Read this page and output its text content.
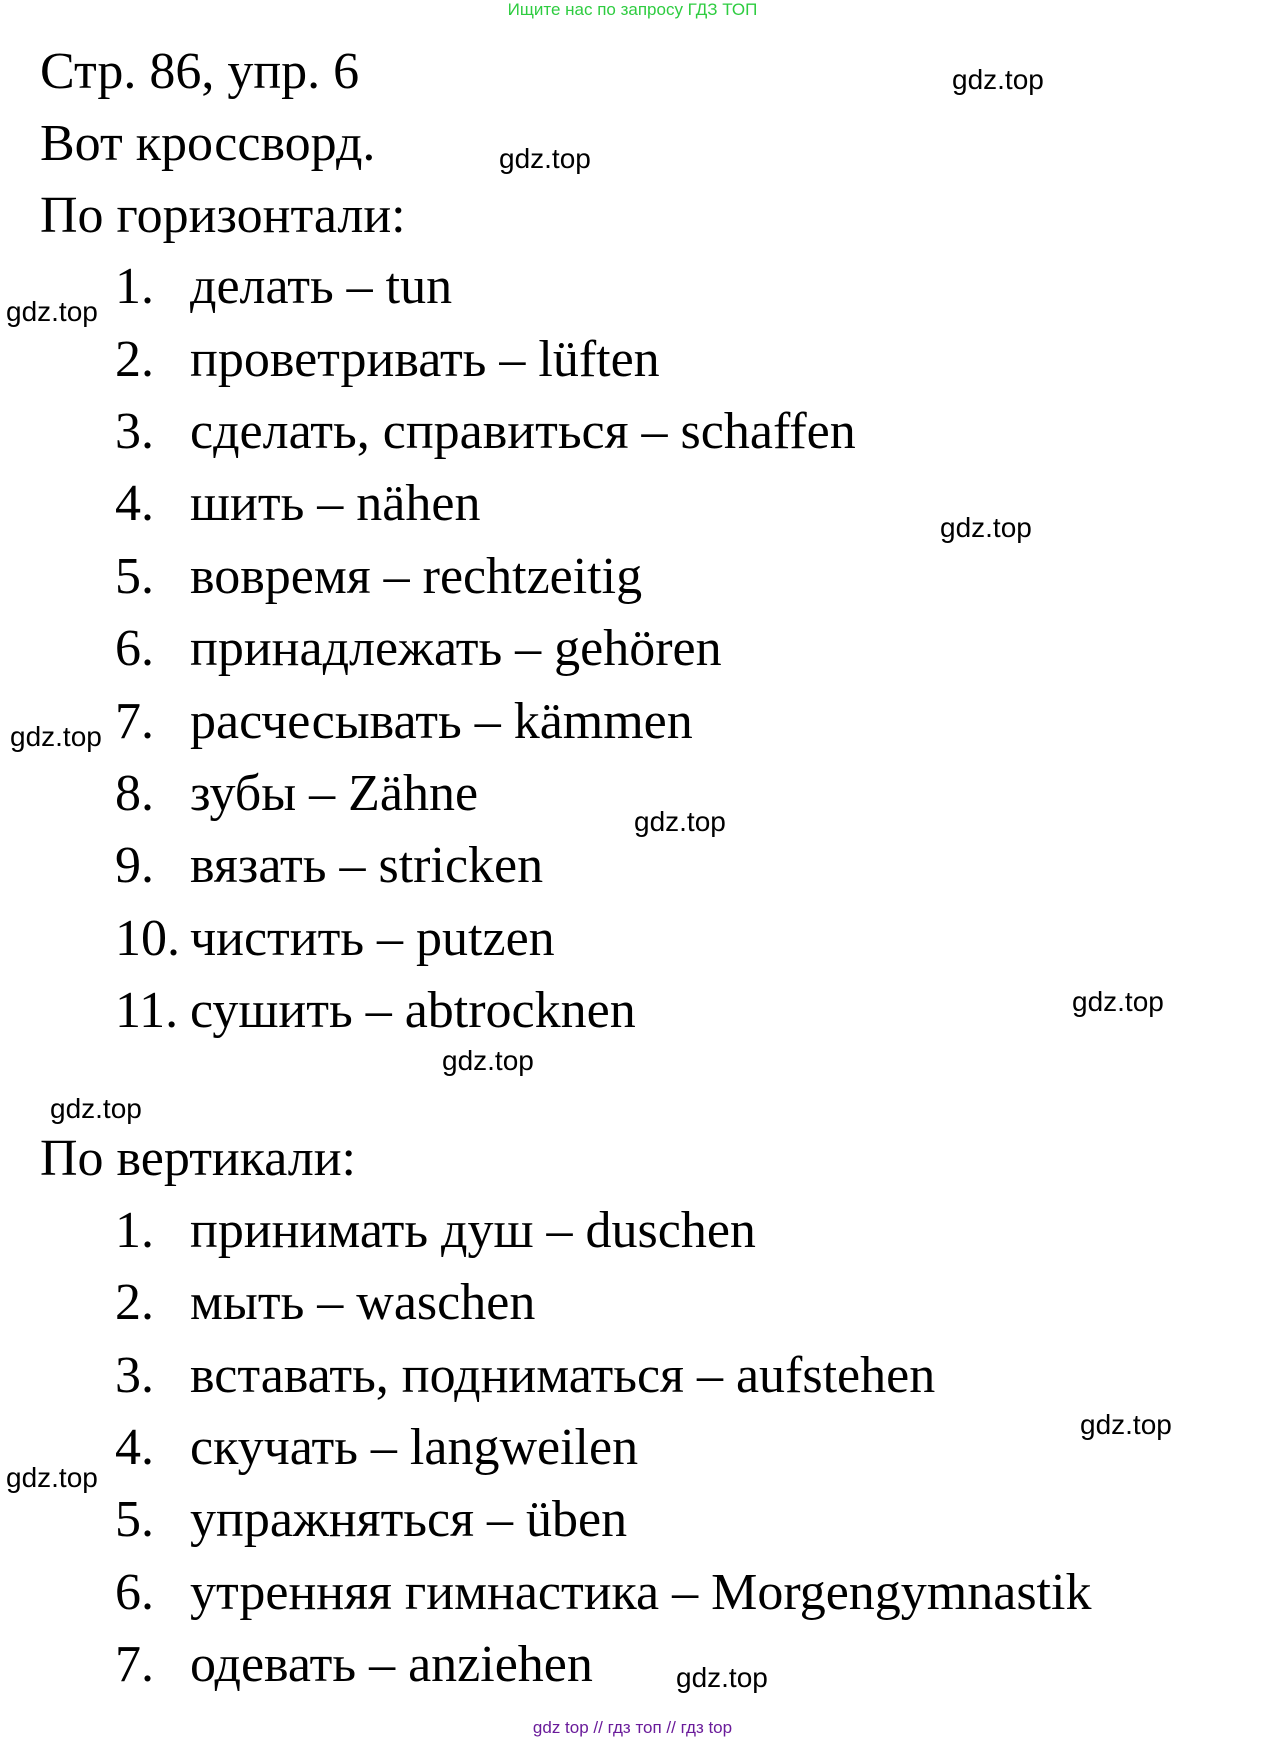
Ищите нас по запросу ГДЗ ТОП
Стр. 86, упр. 6
Вот кроссворд.
По горизонтали:
1. делать – tun
2. проветривать – lüften
3. сделать, справиться – schaffen
4. шить – nähen
5. вовремя – rechtzeitig
6. принадлежать – gehören
7. расчесывать – kämmen
8. зубы – Zähne
9. вязать – stricken
10. чистить – putzen
11. сушить – abtrocknen
По вертикали:
1. принимать душ – duschen
2. мыть – waschen
3. вставать, подниматься – aufstehen
4. скучать – langweilen
5. упражняться – üben
6. утренняя гимнастика – Morgengymnastik
7. одевать – anziehen
gdz.top
gdz.top
gdz.top
gdz.top
gdz.top
gdz.top
gdz.top
gdz.top
gdz.top
gdz.top
gdz.top
gdz.top
gdz top // гдз топ // гдз top
